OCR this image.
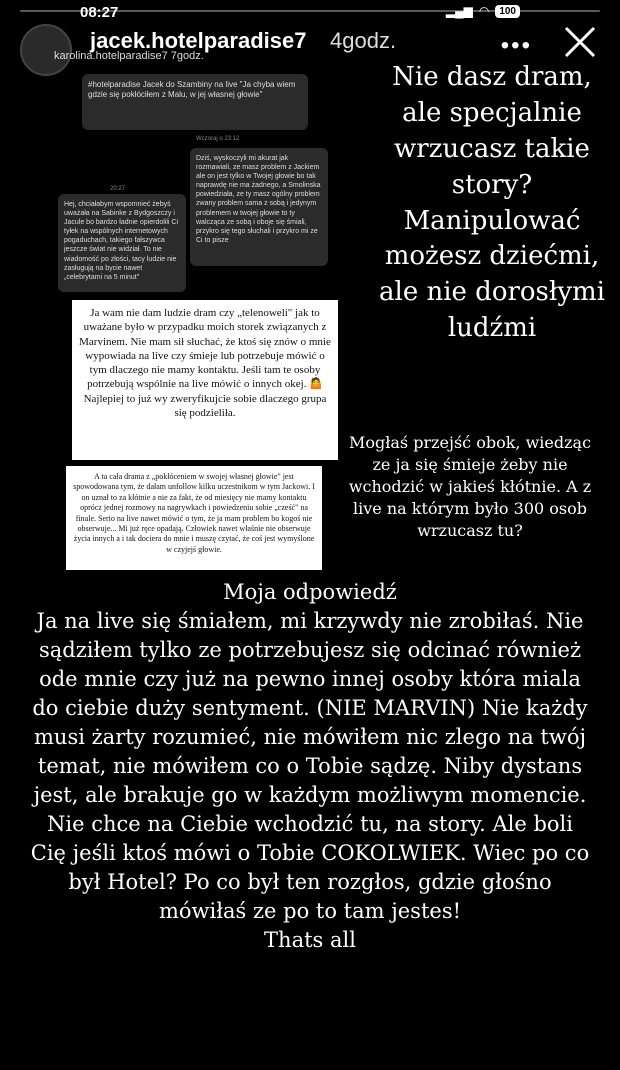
08:27	▂▄▆ ◠	100
jacek.hotelparadise7 4godz.	•••
karolina.hotelparadise7 7godz.
#hotelparadise Jacek do Szambiny na live "Ja chyba wiem gdzie się pokłóciłem z Malu, w jej własnej głowie"
Wczoraj o 23:12
20:27
Dziś, wyskoczyli mi akurat jak rozmawiali, ze masz problem z Jackiem ale on jest tylko w Twojej głowie bo tak naprawdę nie ma żadnego, a Smolinska powiedziała, ze ty masz ogólny problem zwany problem sama z sobą i jedynym problemem w twojej głowie to ty walcząca ze sobą i oboje się śmiali, przykro się tego słuchali i przykro mi ze Ci to pisze
Hej, chciałabym wspomnieć żebyś uważała na Sabinke z Bydgoszczy i Jacule bo bardzo ładnie opierdolili Ci tyłek na wspólnych internetowych pogaduchach, takiego fałszywca jeszcze świat nie widział. To nie wiadomość po złości, tacy ludzie nie zasługują na bycie nawet „celebrytami na 5 minut"
Ja wam nie dam ludzie dram czy „telenoweli" jak to uważane było w przypadku moich storek związanych z Marvinem. Nie mam sił słuchać, że ktoś się znów o mnie wypowiada na live czy śmieje lub potrzebuje mówić o tym dlaczego nie mamy kontaktu. Jeśli tam te osoby potrzebują wspólnie na live mówić o innych okej. 🤷 Najlepiej to już wy zweryfikujcie sobie dlaczego grupa się podzieliła.
A ta cała drama z „pokłóceniem w swojej własnej głowie" jest spowodowana tym, że dałam unfollow kilku uczestnikom w tym Jackowi. I on uznał to za kłótnie a nie za fakt, że od miesięcy nie mamy kontaktu oprócz jednej rozmowy na nagrywkach i powiedzeniu sobie „cześć" na finale. Serio na live nawet mówić o tym, że ja mam problem bo kogoś nie obserwuje... Mi już ręce opadają. Człowiek nawet właśnie nie obserwuje życia innych a i tak dociera do mnie i muszę czytać, że coś jest wymyślone w czyjejś głowie.
Nie dasz dram, ale specjalnie wrzucasz takie story? Manipulować możesz dziećmi, ale nie dorosłymi ludźmi
Mogłaś przejść obok, wiedząc ze ja się śmieje żeby nie wchodzić w jakieś kłótnie. A z live na którym było 300 osob wrzucasz tu?
Moja odpowiedź
Ja na live się śmiałem, mi krzywdy nie zrobiłaś. Nie sądziłem tylko ze potrzebujesz się odcinać również ode mnie czy już na pewno innej osoby która miala do ciebie duży sentyment. (NIE MARVIN) Nie każdy musi żarty rozumieć, nie mówiłem nic zlego na twój temat, nie mówiłem co o Tobie sądzę. Niby dystans jest, ale brakuje go w każdym możliwym momencie. Nie chce na Ciebie wchodzić tu, na story. Ale boli Cię jeśli ktoś mówi o Tobie COKOLWIEK. Wiec po co był Hotel? Po co był ten rozgłos, gdzie głośno mówiłaś ze po to tam jestes!
Thats all
